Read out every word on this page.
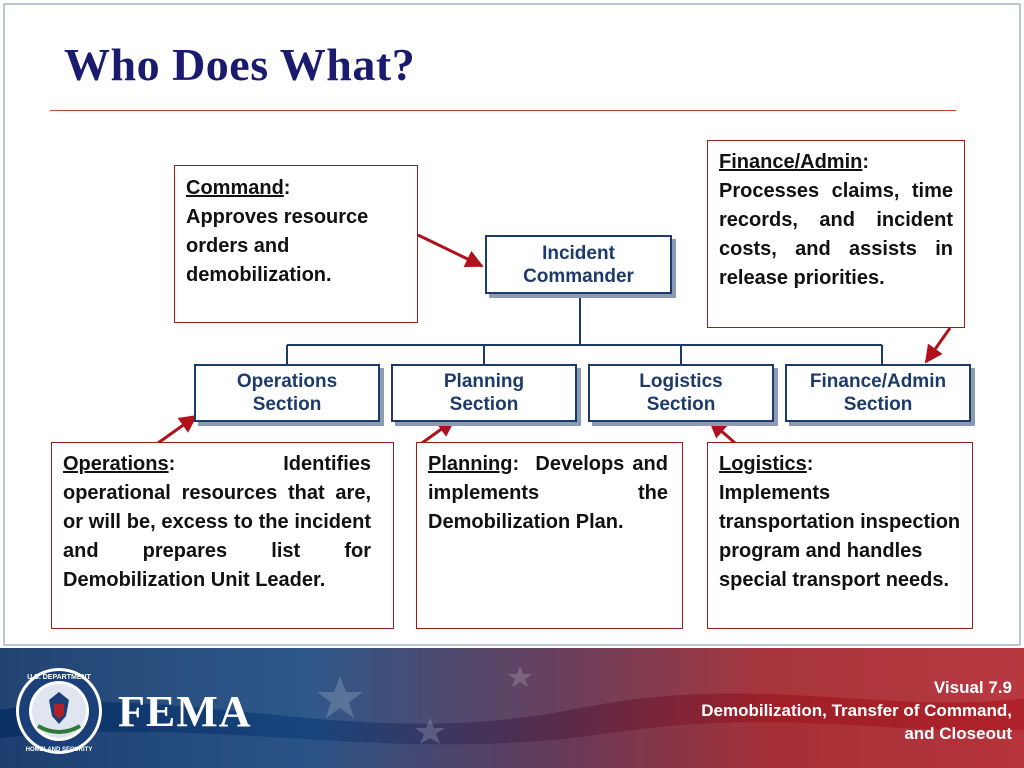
Who Does What?
Incident
Commander
Operations
Section
Planning
Section
Logistics
Section
Finance/Admin
Section
Command:
Approves resource orders and demobilization.
Finance/Admin:
Processes claims, time records, and incident costs, and assists in release priorities.
Operations:  Identifies operational resources that are, or will be, excess to the incident and prepares list for Demobilization Unit Leader.
Planning:  Develops and implements the Demobilization Plan.
Logistics:
Implements transportation inspection program and handles special transport needs.
U.S. DEPARTMENT
HOMELAND SECURITY
FEMA	Visual 7.9
Demobilization, Transfer of Command,
and Closeout
